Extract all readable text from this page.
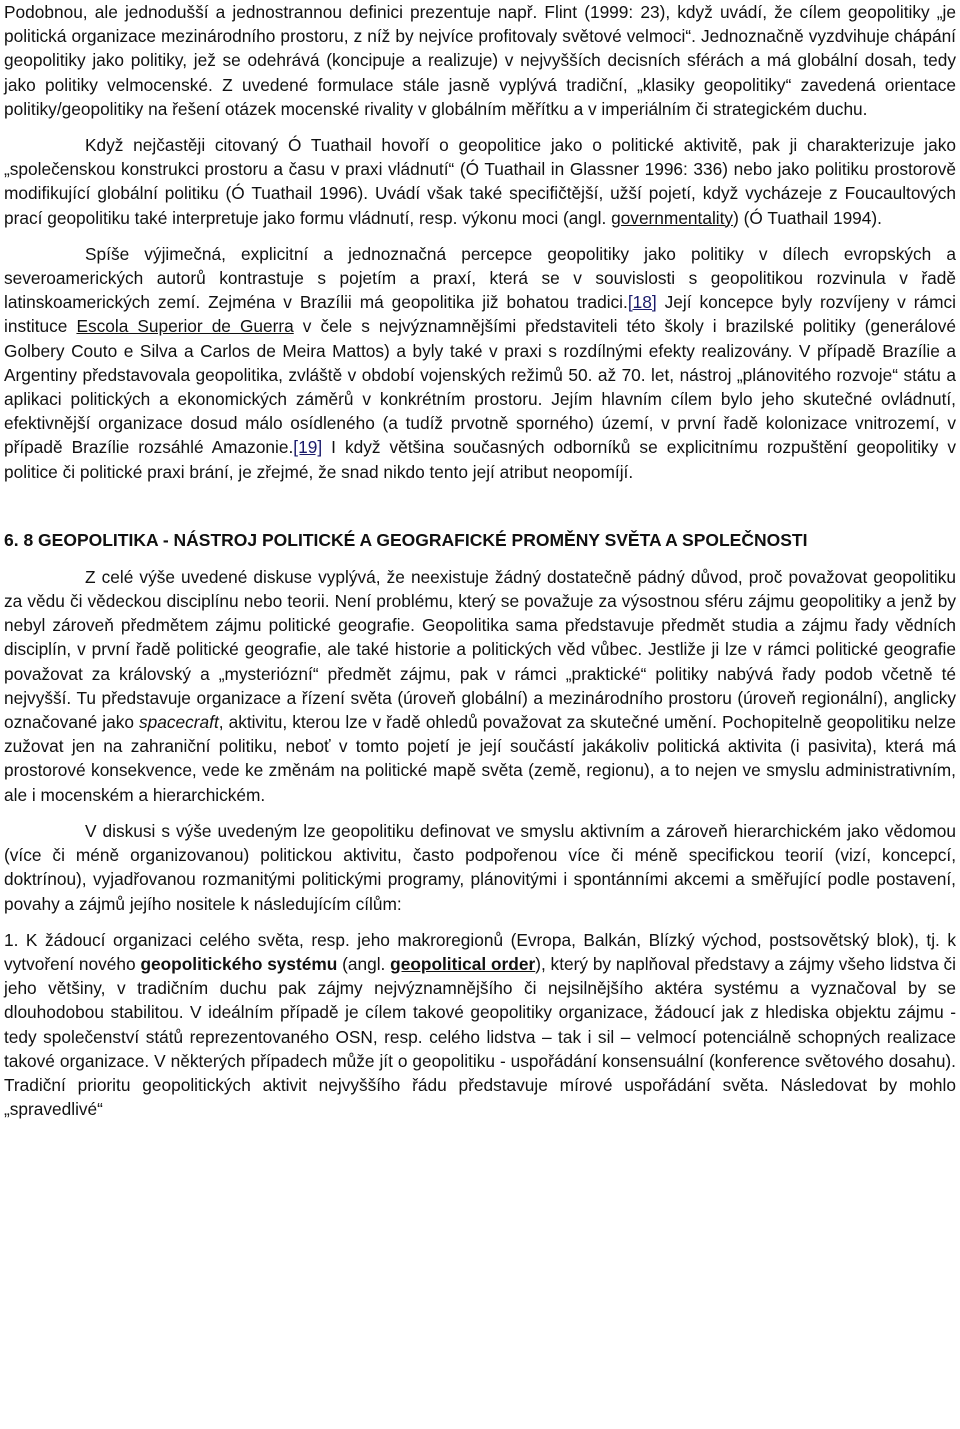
Podobnou, ale jednodušší a jednostrannou definici prezentuje např. Flint (1999: 23), když uvádí, že cílem geopolitiky „je politická organizace mezinárodního prostoru, z níž by nejvíce profitovaly světové velmoci“. Jednoznačně vyzdvihuje chápání geopolitiky jako politiky, jež se odehrává (koncipuje a realizuje) v nejvyšších decisních sférách a má globální dosah, tedy jako politiky velmocenské. Z uvedené formulace stále jasně vyplývá tradiční, „klasiky geopolitiky“ zavedená orientace politiky/geopolitiky na řešení otázek mocenské rivality v globálním měřítku a v imperiálním či strategickém duchu.

Když nejčastěji citovaný Ó Tuathail hovoří o geopolitice jako o politické aktivitě, pak ji charakterizuje jako „společenskou konstrukci prostoru a času v praxi vládnutí“ (Ó Tuathail in Glassner 1996: 336) nebo jako politiku prostorově modifikující globální politiku (Ó Tuathail 1996). Uvádí však také specifičtější, užší pojetí, když vycházeje z Foucaultových prací geopolitiku také interpretuje jako formu vládnutí, resp. výkonu moci (angl. governmentality) (Ó Tuathail 1994).

Spíše výjimečná, explicitní a jednoznačná percepce geopolitiky jako politiky v dílech evropských a severoamerických autorů kontrastuje s pojetím a praxí, která se v souvislosti s geopolitikou rozvinula v řadě latinskoamerických zemí. Zejména v Brazílii má geopolitika již bohatou tradici.[18] Její koncepce byly rozvíjeny v rámci instituce Escola Superior de Guerra v čele s nejvýznamnějšími představiteli této školy i brazilské politiky (generálové Golbery Couto e Silva a Carlos de Meira Mattos) a byly také v praxi s rozdílnými efekty realizovány. V případě Brazílie a Argentiny představovala geopolitika, zvláště v období vojenských režimů 50. až 70. let, nástroj „plánovitého rozvoje“ státu a aplikaci politických a ekonomických záměrů v konkrétním prostoru. Jejím hlavním cílem bylo jeho skutečné ovládnutí, efektivnější organizace dosud málo osídleného (a tudíž prvotně sporného) území, v první řadě kolonizace vnitrozemí, v případě Brazílie rozsáhlé Amazonie.[19] I když většina současných odborníků se explicitnímu rozpuštění geopolitiky v politice či politické praxi brání, je zřejmé, že snad nikdo tento její atribut neopomíjí.

6. 8 GEOPOLITIKA - NÁSTROJ POLITICKÉ A GEOGRAFICKÉ PROMĚNY SVĚTA A SPOLEČNOSTI

Z celé výše uvedené diskuse vyplývá, že neexistuje žádný dostatečně pádný důvod, proč považovat geopolitiku za vědu či vědeckou disciplínu nebo teorii. Není problému, který se považuje za výsostnou sféru zájmu geopolitiky a jenž by nebyl zároveň předmětem zájmu politické geografie. Geopolitika sama představuje předmět studia a zájmu řady vědních disciplín, v první řadě politické geografie, ale také historie a politických věd vůbec. Jestliže ji lze v rámci politické geografie považovat za královský a „mysteriózní“ předmět zájmu, pak v rámci „praktické“ politiky nabývá řady podob včetně té nejvyšší. Tu představuje organizace a řízení světa (úroveň globální) a mezinárodního prostoru (úroveň regionální), anglicky označované jako spacecraft, aktivitu, kterou lze v řadě ohledů považovat za skutečné umění. Pochopitelně geopolitiku nelze zužovat jen na zahraniční politiku, neboť v tomto pojetí je její součástí jakákoliv politická aktivita (i pasivita), která má prostorové konsekvence, vede ke změnám na politické mapě světa (země, regionu), a to nejen ve smyslu administrativním, ale i mocenském a hierarchickém.

V diskusi s výše uvedeným lze geopolitiku definovat ve smyslu aktivním a zároveň hierarchickém jako vědomou (více či méně organizovanou) politickou aktivitu, často podpořenou více či méně specifickou teorií (vizí, koncepcí, doktrínou), vyjadřovanou rozmanitými politickými programy, plánovitými i spontánními akcemi a směřující podle postavení, povahy a zájmů jejího nositele k následujícím cílům:

1. K žádoucí organizaci celého světa, resp. jeho makroregionů (Evropa, Balkán, Blízký východ, postsovětský blok), tj. k vytvoření nového geopolitického systému (angl. geopolitical order), který by naplňoval představy a zájmy všeho lidstva či jeho většiny, v tradičním duchu pak zájmy nejvýznamnějšího či nejsilnějšího aktéra systému a vyznačoval by se dlouhodobou stabilitou. V ideálním případě je cílem takové geopolitiky organizace, žádoucí jak z hlediska objektu zájmu - tedy společenství států reprezentovaného OSN, resp. celého lidstva – tak i sil – velmocí potenciálně schopných realizace takové organizace. V některých případech může jít o geopolitiku - uspořádání konsensuální (konference světového dosahu). Tradiční prioritu geopolitických aktivit nejvyššího řádu představuje mírové uspořádání světa. Následovat by mohlo „spravedlivé“
